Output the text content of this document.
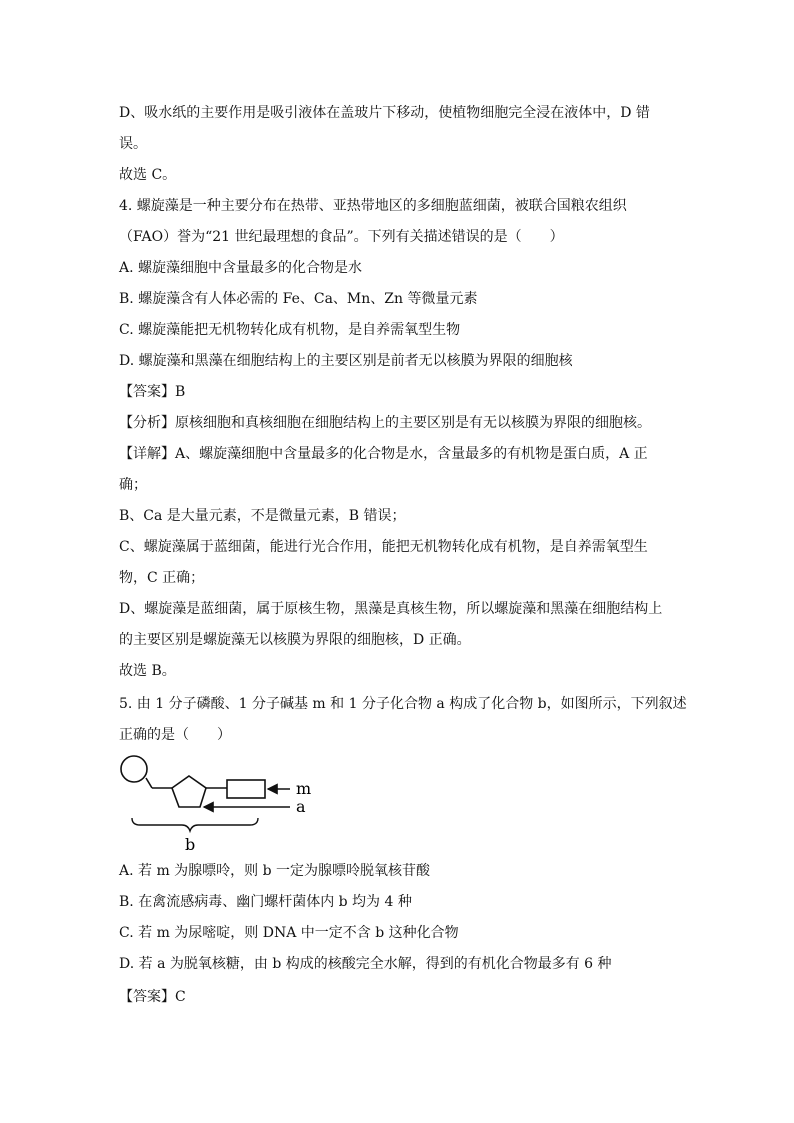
D、吸水纸的主要作用是吸引液体在盖玻片下移动，使植物细胞完全浸在液体中，D 错
误。
故选 C。
4. 螺旋藻是一种主要分布在热带、亚热带地区的多细胞蓝细菌，被联合国粮农组织
（FAO）誉为“21 世纪最理想的食品”。下列有关描述错误的是（　　）
A. 螺旋藻细胞中含量最多的化合物是水
B. 螺旋藻含有人体必需的 Fe、Ca、Mn、Zn 等微量元素
C. 螺旋藻能把无机物转化成有机物，是自养需氧型生物
D. 螺旋藻和黑藻在细胞结构上的主要区别是前者无以核膜为界限的细胞核
【答案】B
【分析】原核细胞和真核细胞在细胞结构上的主要区别是有无以核膜为界限的细胞核。
【详解】A、螺旋藻细胞中含量最多的化合物是水，含量最多的有机物是蛋白质，A 正
确；
B、Ca 是大量元素，不是微量元素，B 错误；
C、螺旋藻属于蓝细菌，能进行光合作用，能把无机物转化成有机物，是自养需氧型生
物，C 正确；
D、螺旋藻是蓝细菌，属于原核生物，黑藻是真核生物，所以螺旋藻和黑藻在细胞结构上
的主要区别是螺旋藻无以核膜为界限的细胞核，D 正确。
故选 B。
5. 由 1 分子磷酸、1 分子碱基 m 和 1 分子化合物 a 构成了化合物 b，如图所示，下列叙述
正确的是（　　）
m
a
b
A. 若 m 为腺嘌呤，则 b 一定为腺嘌呤脱氧核苷酸
B. 在禽流感病毒、幽门螺杆菌体内 b 均为 4 种
C. 若 m 为尿嘧啶，则 DNA 中一定不含 b 这种化合物
D. 若 a 为脱氧核糖，由 b 构成的核酸完全水解，得到的有机化合物最多有 6 种
【答案】C
